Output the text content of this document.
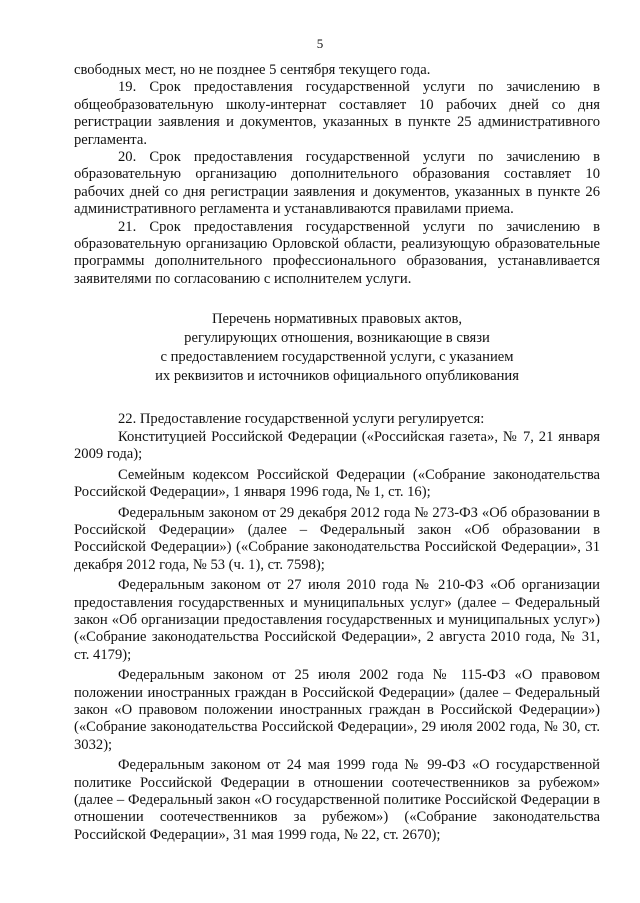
5

свободных мест, но не позднее 5 сентября текущего года.

19. Срок предоставления государственной услуги по зачислению в общеобразовательную школу-интернат составляет 10 рабочих дней со дня регистрации заявления и документов, указанных в пункте 25 административного регламента.

20. Срок предоставления государственной услуги по зачислению в образовательную организацию дополнительного образования составляет 10 рабочих дней со дня регистрации заявления и документов, указанных в пункте 26 административного регламента и устанавливаются правилами приема.

21. Срок предоставления государственной услуги по зачислению в образовательную организацию Орловской области, реализующую образовательные программы дополнительного профессионального образования, устанавливается заявителями по согласованию с исполнителем услуги.

Перечень нормативных правовых актов,
регулирующих отношения, возникающие в связи
с предоставлением государственной услуги, с указанием
их реквизитов и источников официального опубликования

22. Предоставление государственной услуги регулируется:

Конституцией Российской Федерации («Российская газета», № 7, 21 января 2009 года);

Семейным кодексом Российской Федерации («Собрание законодательства Российской Федерации», 1 января 1996 года, № 1, ст. 16);

Федеральным законом от 29 декабря 2012 года № 273-ФЗ «Об образовании в Российской Федерации» (далее – Федеральный закон «Об образовании в Российской Федерации») («Собрание законодательства Российской Федерации», 31 декабря 2012 года, № 53 (ч. 1), ст. 7598);

Федеральным законом от 27 июля 2010 года № 210-ФЗ «Об организации предоставления государственных и муниципальных услуг» (далее – Федеральный закон «Об организации предоставления государственных и муниципальных услуг») («Собрание законодательства Российской Федерации», 2 августа 2010 года, № 31, ст. 4179);

Федеральным законом от 25 июля 2002 года № 115-ФЗ «О правовом положении иностранных граждан в Российской Федерации» (далее – Федеральный закон «О правовом положении иностранных граждан в Российской Федерации») («Собрание законодательства Российской Федерации», 29 июля 2002 года, № 30, ст. 3032);

Федеральным законом от 24 мая 1999 года № 99-ФЗ «О государственной политике Российской Федерации в отношении соотечественников за рубежом» (далее – Федеральный закон «О государственной политике Российской Федерации в отношении соотечественников за рубежом») («Собрание законодательства Российской Федерации», 31 мая 1999 года, № 22, ст. 2670);
